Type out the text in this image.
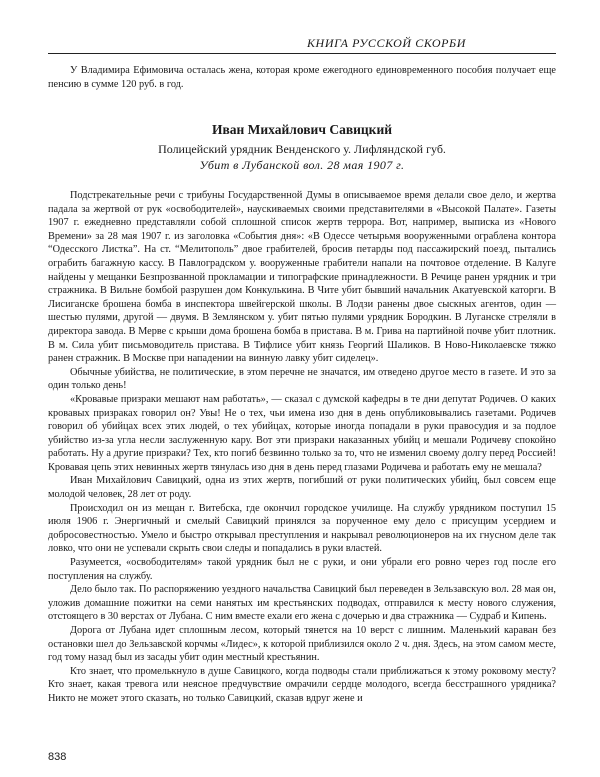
КНИГА РУССКОЙ СКОРБИ

У Владимира Ефимовича осталась жена, которая кроме ежегодного единовременного пособия получает еще пенсию в сумме 120 руб. в год.

Иван Михайлович Савицкий
Полицейский урядник Венденского у. Лифляндской губ.
Убит в Лубанской вол. 28 мая 1907 г.

Подстрекательные речи с трибуны Государственной Думы в описываемое время делали свое дело, и жертва падала за жертвой от рук «освободителей», наускиваемых своими представителями в «Высокой Палате». Газеты 1907 г. ежедневно представляли собой сплошной список жертв террора. Вот, например, выписка из «Нового Времени» за 28 мая 1907 г. из заголовка «События дня»: «В Одессе четырьмя вооруженными ограблена контора “Одесского Листка”. На ст. “Мелитополь” двое грабителей, бросив петарды под пассажирский поезд, пытались ограбить багажную кассу. В Павлоградском у. вооруженные грабители напали на почтовое отделение. В Калуге найдены у мещанки Безпрозванной прокламации и типографские принадлежности. В Речице ранен урядник и три стражника. В Вильне бомбой разрушен дом Конкулькина. В Чите убит бывший начальник Акатуевской каторги. В Лисиганске брошена бомба в инспектора швейгерской школы. В Лодзи ранены двое сыскных агентов, один — шестью пулями, другой — двумя. В Землянском у. убит пятью пулями урядник Бородкин. В Луганске стреляли в директора завода. В Мерве с крыши дома брошена бомба в пристава. В м. Грива на партийной почве убит плотник. В м. Сила убит письмоводитель пристава. В Тифлисе убит князь Георгий Шаликов. В Ново-Николаевске тяжко ранен стражник. В Москве при нападении на винную лавку убит сиделец».

Обычные убийства, не политические, в этом перечне не значатся, им отведено другое место в газете. И это за один только день!

«Кровавые призраки мешают нам работать», — сказал с думской кафедры в те дни депутат Родичев. О каких кровавых призраках говорил он? Увы! Не о тех, чьи имена изо дня в день опубликовывались газетами. Родичев говорил об убийцах всех этих людей, о тех убийцах, которые иногда попадали в руки правосудия и за подлое убийство из-за угла несли заслуженную кару. Вот эти призраки наказанных убийц и мешали Родичеву спокойно работать. Ну а другие призраки? Тех, кто погиб безвинно только за то, что не изменил своему долгу перед Россией! Кровавая цепь этих невинных жертв тянулась изо дня в день перед глазами Родичева и работать ему не мешала?

Иван Михайлович Савицкий, одна из этих жертв, погибший от руки политических убийц, был совсем еще молодой человек, 28 лет от роду.

Происходил он из мещан г. Витебска, где окончил городское училище. На службу урядником поступил 15 июля 1906 г. Энергичный и смелый Савицкий принялся за порученное ему дело с присущим усердием и добросовестностью. Умело и быстро открывал преступления и накрывал революционеров на их гнусном деле так ловко, что они не успевали скрыть свои следы и попадались в руки властей.

Разумеется, «освободителям» такой урядник был не с руки, и они убрали его ровно через год после его поступления на службу.

Дело было так. По распоряжению уездного начальства Савицкий был переведен в Зельзавскую вол. 28 мая он, уложив домашние пожитки на семи нанятых им крестьянских подводах, отправился к месту нового служения, отстоящего в 30 верстах от Лубана. С ним вместе ехали его жена с дочерью и два стражника — Судраб и Кипень.

Дорога от Лубана идет сплошным лесом, который тянется на 10 верст с лишним. Маленький караван без остановки шел до Зельзавской корчмы «Лидес», к которой приблизился около 2 ч. дня. Здесь, на этом самом месте, год тому назад был из засады убит один местный крестьянин.

Кто знает, что промелькнуло в душе Савицкого, когда подводы стали приближаться к этому роковому месту? Кто знает, какая тревога или неясное предчувствие омрачили сердце молодого, всегда бесстрашного урядника? Никто не может этого сказать, но только Савицкий, сказав вдруг жене и

838
